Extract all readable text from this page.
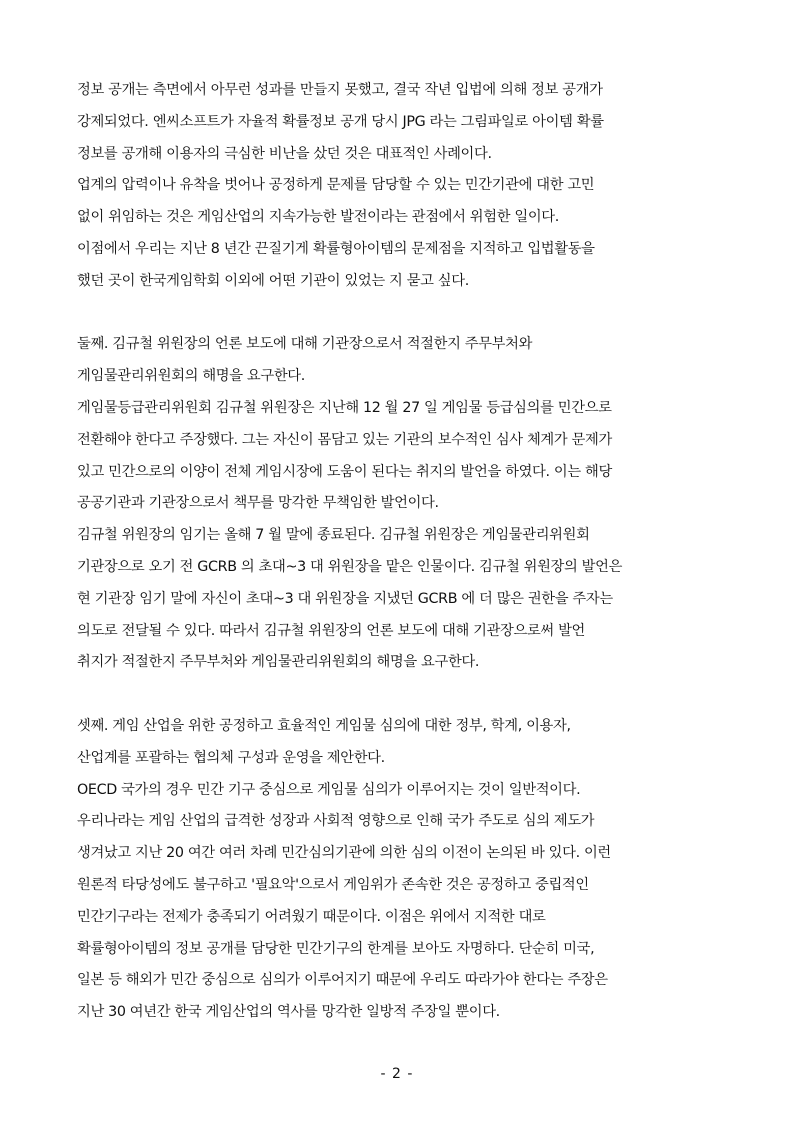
정보 공개는 측면에서 아무런 성과를 만들지 못했고, 결국 작년 입법에 의해 정보 공개가
강제되었다. 엔씨소프트가 자율적 확률정보 공개 당시 JPG 라는 그림파일로 아이템 확률
정보를 공개해 이용자의 극심한 비난을 샀던 것은 대표적인 사례이다.
업계의 압력이나 유착을 벗어나 공정하게 문제를 담당할 수 있는 민간기관에 대한 고민
없이 위임하는 것은 게임산업의 지속가능한 발전이라는 관점에서 위험한 일이다.
이점에서 우리는 지난 8 년간 끈질기게 확률형아이템의 문제점을 지적하고 입법활동을
했던 곳이 한국게임학회 이외에 어떤 기관이 있었는 지 묻고 싶다.
둘째. 김규철 위원장의 언론 보도에 대해 기관장으로서 적절한지 주무부처와
게임물관리위원회의 해명을 요구한다.
게임물등급관리위원회 김규철 위원장은 지난해 12 월 27 일 게임물 등급심의를 민간으로
전환해야 한다고 주장했다. 그는 자신이 몸담고 있는 기관의 보수적인 심사 체계가 문제가
있고 민간으로의 이양이 전체 게임시장에 도움이 된다는 취지의 발언을 하였다. 이는 해당
공공기관과 기관장으로서 책무를 망각한 무책임한 발언이다.
김규철 위원장의 임기는 올해 7 월 말에 종료된다. 김규철 위원장은 게임물관리위원회
기관장으로 오기 전 GCRB 의 초대~3 대 위원장을 맡은 인물이다. 김규철 위원장의 발언은
현 기관장 임기 말에 자신이 초대~3 대 위원장을 지냈던 GCRB 에 더 많은 권한을 주자는
의도로 전달될 수 있다. 따라서 김규철 위원장의 언론 보도에 대해 기관장으로써 발언
취지가 적절한지 주무부처와 게임물관리위원회의 해명을 요구한다.
셋째. 게임 산업을 위한 공정하고 효율적인 게임물 심의에 대한 정부, 학계, 이용자,
산업계를 포괄하는 협의체 구성과 운영을 제안한다.
OECD 국가의 경우 민간 기구 중심으로 게임물 심의가 이루어지는 것이 일반적이다.
우리나라는 게임 산업의 급격한 성장과 사회적 영향으로 인해 국가 주도로 심의 제도가
생겨났고 지난 20 여간 여러 차례 민간심의기관에 의한 심의 이전이 논의된 바 있다. 이런
원론적 타당성에도 불구하고 '필요악'으로서 게임위가 존속한 것은 공정하고 중립적인
민간기구라는 전제가 충족되기 어려웠기 때문이다. 이점은 위에서 지적한 대로
확률형아이템의 정보 공개를 담당한 민간기구의 한계를 보아도 자명하다. 단순히 미국,
일본 등 해외가 민간 중심으로 심의가 이루어지기 때문에 우리도 따라가야 한다는 주장은
지난 30 여년간 한국 게임산업의 역사를 망각한 일방적 주장일 뿐이다.
- 2 -
